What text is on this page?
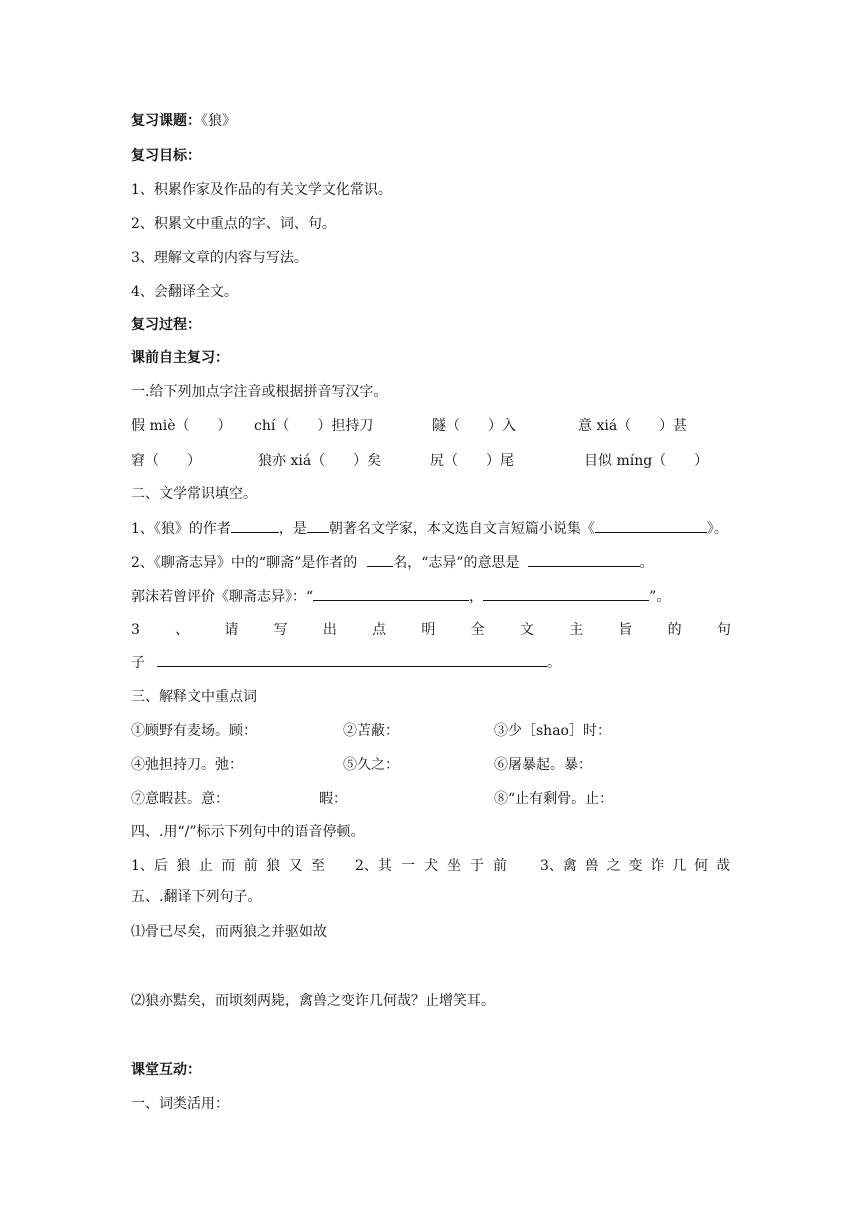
复习课题：《狼》
复习目标：
1、积累作家及作品的有关文学文化常识。
2、积累文中重点的字、词、句。
3、理解文章的内容与写法。
4、会翻译全文。
复习过程：
课前自主复习：
一.给下列加点字注音或根据拼音写汉字。
假 miè（　　） chí（　　）担持刀	隧（　　）入	意 xiá（　　）甚
窘（　　）	狼亦 xiá（　　）矣	尻（　　）尾	目似 míng（　　）
二、文学常识填空。
1、《狼》的作者	，是 朝著名文学家，本文选自文言短篇小说集《	》。
2、《聊斋志异》中的“聊斋”是作者的	名，“志异”的意思是	。
郭沫若曾评价《聊斋志异》：“	，	”。
3	、	请	写	出	点	明	全	文	主	旨	的	句
子	。
三、解释文中重点词
①顾野有麦场。顾：	②苫蔽：	③少［shao］时：
④弛担持刀。弛：	⑤久之：	⑥屠暴起。暴：
⑦意暇甚。意：	暇：	⑧“止有剩骨。止：
四、.用“/”标示下列句中的语音停顿。
1、后 狼 止 而 前 狼 又 至 2、其 一 犬 坐 于 前 3、禽 兽 之 变 诈 几 何 哉
五、.翻译下列句子。
⑴骨已尽矣，而两狼之并驱如故
⑵狼亦黠矣，而顷刻两毙，禽兽之变诈几何哉？止增笑耳。
课堂互动：
一、词类活用：
